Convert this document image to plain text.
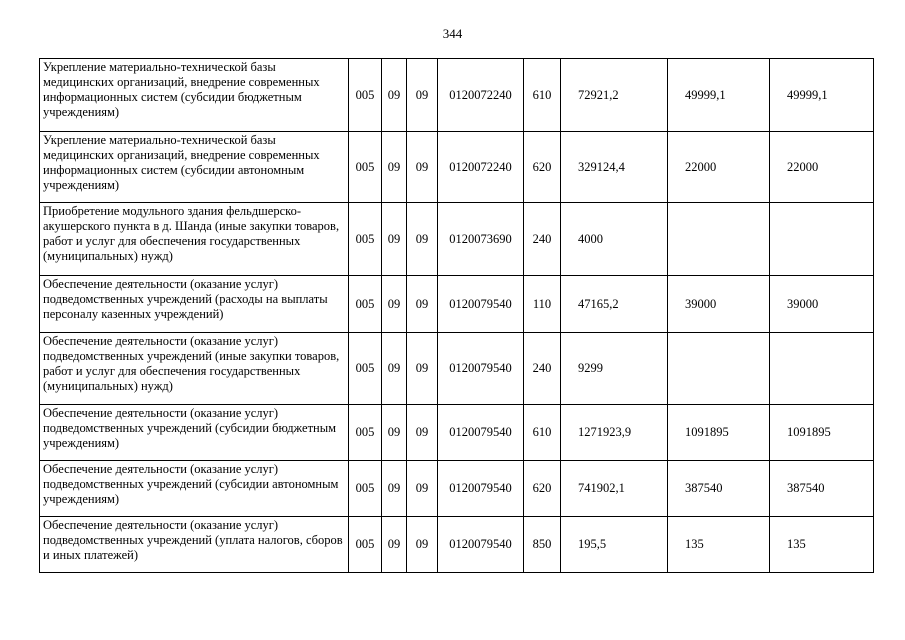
344
Укрепление материально-технической базы медицинских организаций, внедрение современных информационных систем (субсидии бюджетным учреждениям)	005	09	09	0120072240	610	72921,2	49999,1	49999,1
Укрепление материально-технической базы медицинских организаций, внедрение современных информационных систем (субсидии автономным учреждениям)	005	09	09	0120072240	620	329124,4	22000	22000
Приобретение модульного здания фельдшерско-акушерского пункта в д. Шанда (иные закупки товаров, работ и услуг для обеспечения государственных (муниципальных) нужд)	005	09	09	0120073690	240	4000		
Обеспечение деятельности (оказание услуг) подведомственных учреждений (расходы на выплаты персоналу казенных учреждений)	005	09	09	0120079540	110	47165,2	39000	39000
Обеспечение деятельности (оказание услуг) подведомственных учреждений (иные закупки товаров, работ и услуг для обеспечения государственных (муниципальных) нужд)	005	09	09	0120079540	240	9299		
Обеспечение деятельности (оказание услуг) подведомственных учреждений (субсидии бюджетным учреждениям)	005	09	09	0120079540	610	1271923,9	1091895	1091895
Обеспечение деятельности (оказание услуг) подведомственных учреждений (субсидии автономным учреждениям)	005	09	09	0120079540	620	741902,1	387540	387540
Обеспечение деятельности (оказание услуг) подведомственных учреждений (уплата налогов, сборов и иных платежей)	005	09	09	0120079540	850	195,5	135	135
